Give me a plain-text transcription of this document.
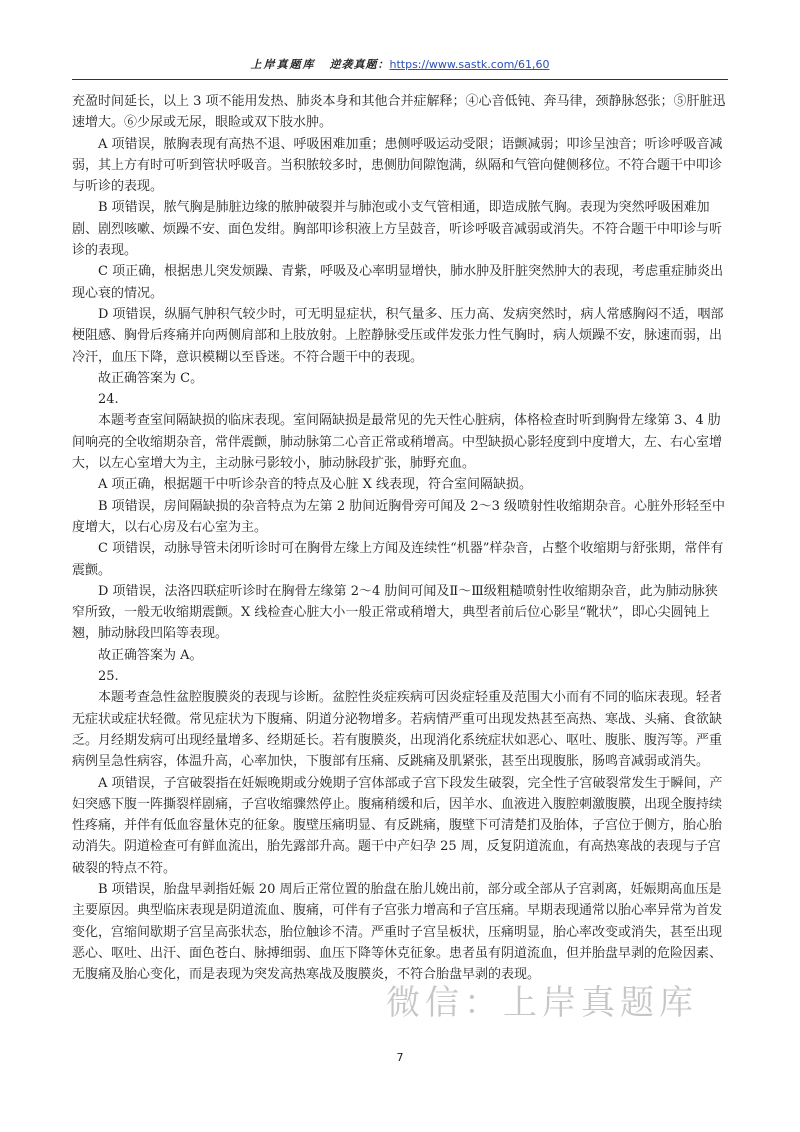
上岸真题库 逆袭真题：https://www.sastk.com/61,60

充盈时间延长，以上 3 项不能用发热、肺炎本身和其他合并症解释；④心音低钝、奔马律，颈静脉怒张；⑤肝脏迅速增大。⑥少尿或无尿，眼睑或双下肢水肿。

A 项错误，脓胸表现有高热不退、呼吸困难加重；患侧呼吸运动受限；语颤减弱；叩诊呈浊音；听诊呼吸音减弱，其上方有时可听到管状呼吸音。当积脓较多时，患侧肋间隙饱满，纵隔和气管向健侧移位。不符合题干中叩诊与听诊的表现。

B 项错误，脓气胸是肺脏边缘的脓肿破裂并与肺泡或小支气管相通，即造成脓气胸。表现为突然呼吸困难加剧、剧烈咳嗽、烦躁不安、面色发绀。胸部叩诊积液上方呈鼓音，听诊呼吸音减弱或消失。不符合题干中叩诊与听诊的表现。

C 项正确，根据患儿突发烦躁、青紫，呼吸及心率明显增快，肺水肿及肝脏突然肿大的表现，考虑重症肺炎出现心衰的情况。

D 项错误，纵膈气肿积气较少时，可无明显症状，积气量多、压力高、发病突然时，病人常感胸闷不适，咽部梗阻感、胸骨后疼痛并向两侧肩部和上肢放射。上腔静脉受压或伴发张力性气胸时，病人烦躁不安，脉速而弱，出冷汗，血压下降，意识模糊以至昏迷。不符合题干中的表现。

故正确答案为 C。

24.

本题考查室间隔缺损的临床表现。室间隔缺损是最常见的先天性心脏病，体格检查时听到胸骨左缘第 3、4 肋间响亮的全收缩期杂音，常伴震颤，肺动脉第二心音正常或稍增高。中型缺损心影轻度到中度增大，左、右心室增大，以左心室增大为主，主动脉弓影较小，肺动脉段扩张，肺野充血。

A 项正确，根据题干中听诊杂音的特点及心脏 X 线表现，符合室间隔缺损。

B 项错误，房间隔缺损的杂音特点为左第 2 肋间近胸骨旁可闻及 2～3 级喷射性收缩期杂音。心脏外形轻至中度增大，以右心房及右心室为主。

C 项错误，动脉导管未闭听诊时可在胸骨左缘上方闻及连续性“机器”样杂音，占整个收缩期与舒张期，常伴有震颤。

D 项错误，法洛四联症听诊时在胸骨左缘第 2～4 肋间可闻及Ⅱ～Ⅲ级粗糙喷射性收缩期杂音，此为肺动脉狭窄所致，一般无收缩期震颤。X 线检查心脏大小一般正常或稍增大，典型者前后位心影呈“靴状”，即心尖圆钝上翘，肺动脉段凹陷等表现。

故正确答案为 A。

25.

本题考查急性盆腔腹膜炎的表现与诊断。盆腔性炎症疾病可因炎症轻重及范围大小而有不同的临床表现。轻者无症状或症状轻微。常见症状为下腹痛、阴道分泌物增多。若病情严重可出现发热甚至高热、寒战、头痛、食欲缺乏。月经期发病可出现经量增多、经期延长。若有腹膜炎，出现消化系统症状如恶心、呕吐、腹胀、腹泻等。严重病例呈急性病容，体温升高，心率加快，下腹部有压痛、反跳痛及肌紧张，甚至出现腹胀，肠鸣音减弱或消失。

A 项错误，子宫破裂指在妊娠晚期或分娩期子宫体部或子宫下段发生破裂，完全性子宫破裂常发生于瞬间，产妇突感下腹一阵撕裂样剧痛，子宫收缩骤然停止。腹痛稍缓和后，因羊水、血液进入腹腔刺激腹膜，出现全腹持续性疼痛，并伴有低血容量休克的征象。腹壁压痛明显、有反跳痛，腹壁下可清楚扪及胎体，子宫位于侧方，胎心胎动消失。阴道检查可有鲜血流出，胎先露部升高。题干中产妇孕 25 周，反复阴道流血，有高热寒战的表现与子宫破裂的特点不符。

B 项错误，胎盘早剥指妊娠 20 周后正常位置的胎盘在胎儿娩出前，部分或全部从子宫剥离，妊娠期高血压是主要原因。典型临床表现是阴道流血、腹痛，可伴有子宫张力增高和子宫压痛。早期表现通常以胎心率异常为首发变化，宫缩间歇期子宫呈高张状态，胎位触诊不清。严重时子宫呈板状，压痛明显，胎心率改变或消失，甚至出现恶心、呕吐、出汗、面色苍白、脉搏细弱、血压下降等休克征象。患者虽有阴道流血，但并胎盘早剥的危险因素、无腹痛及胎心变化，而是表现为突发高热寒战及腹膜炎，不符合胎盘早剥的表现。

微信：上岸真题库
7
